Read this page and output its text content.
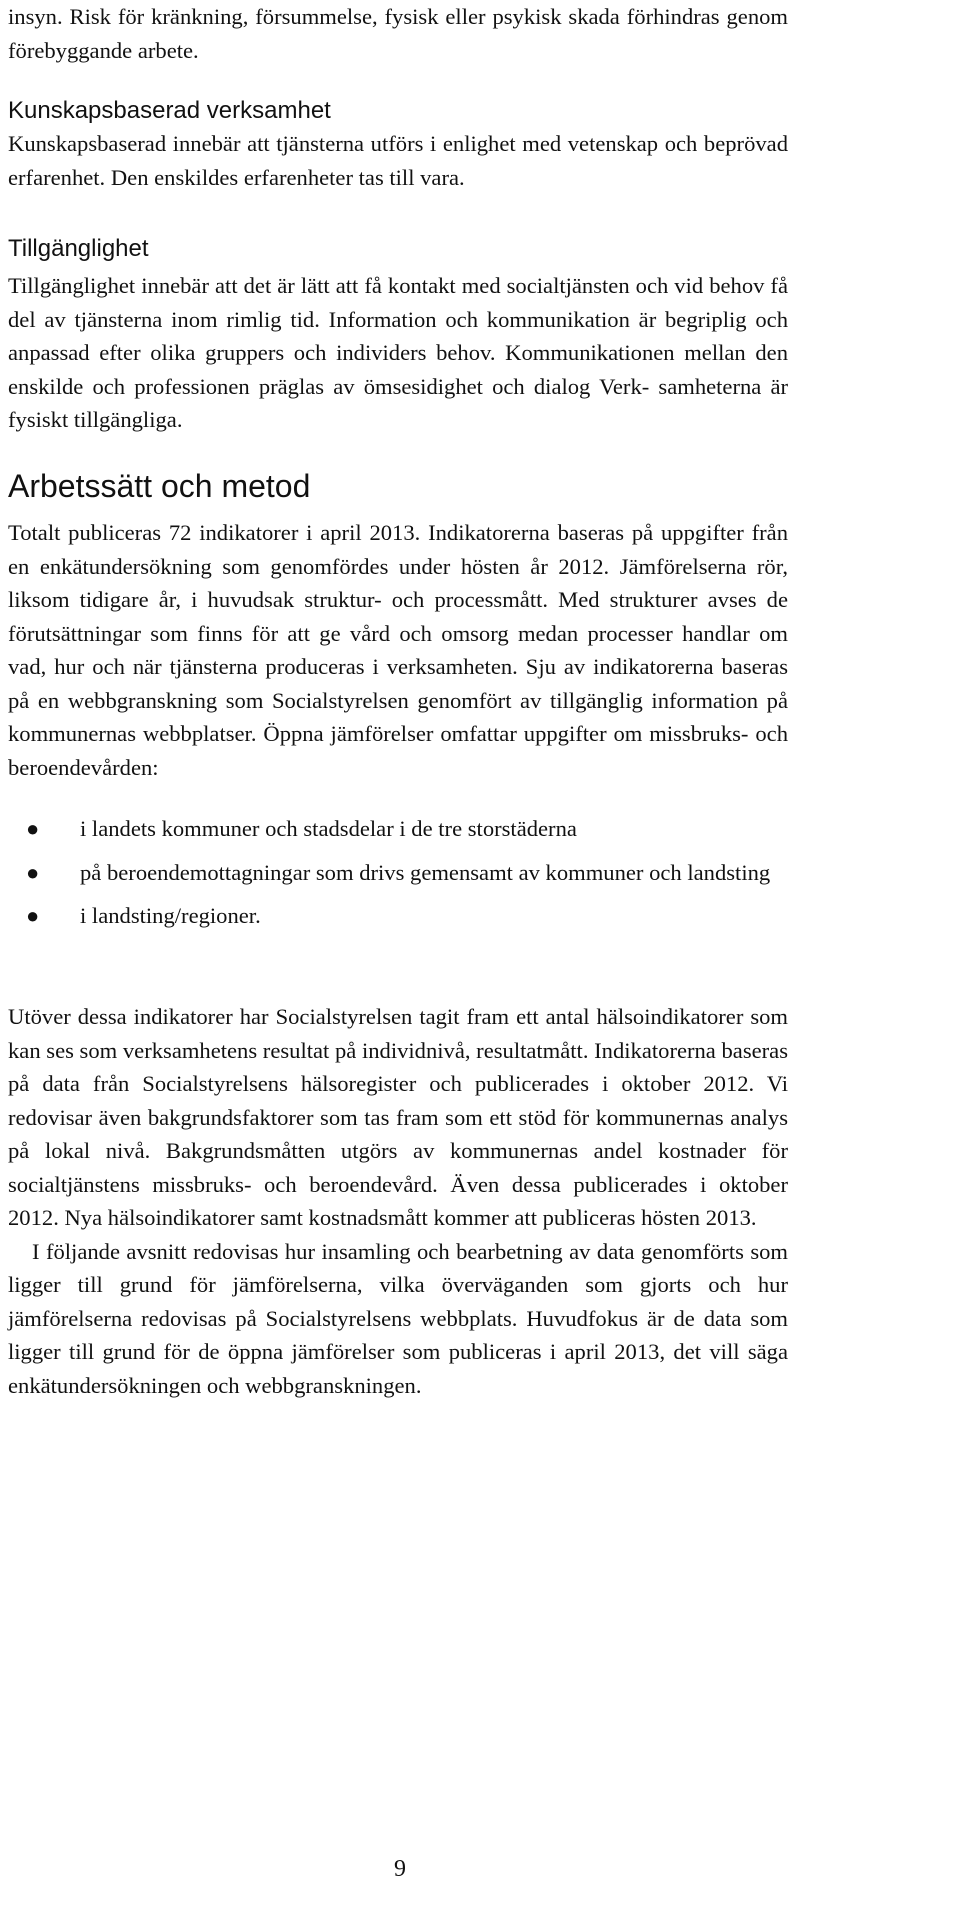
insyn. Risk för kränkning, försummelse, fysisk eller psykisk skada förhindras genom förebyggande arbete.

Kunskapsbaserad verksamhet

Kunskapsbaserad innebär att tjänsterna utförs i enlighet med vetenskap och beprövad erfarenhet. Den enskildes erfarenheter tas till vara.

Tillgänglighet

Tillgänglighet innebär att det är lätt att få kontakt med socialtjänsten och vid behov få del av tjänsterna inom rimlig tid. Information och kommunikation är begriplig och anpassad efter olika gruppers och individers behov. Kommunikationen mellan den enskilde och professionen präglas av ömsesidighet och dialog Verk- samheterna är fysiskt tillgängliga.

Arbetssätt och metod

Totalt publiceras 72 indikatorer i april 2013. Indikatorerna baseras på uppgifter från en enkätundersökning som genomfördes under hösten år 2012. Jämförelserna rör, liksom tidigare år, i huvudsak struktur- och processmått. Med strukturer avses de förutsättningar som finns för att ge vård och omsorg medan processer handlar om vad, hur och när tjänsterna produceras i verksamheten. Sju av indikatorerna baseras på en webbgranskning som Socialstyrelsen genomfört av tillgänglig information på kommunernas webbplatser. Öppna jämförelser omfattar uppgifter om missbruks- och beroendevården:

● i landets kommuner och stadsdelar i de tre storstäderna
● på beroendemottagningar som drivs gemensamt av kommuner och landsting
● i landsting/regioner.

Utöver dessa indikatorer har Socialstyrelsen tagit fram ett antal hälsoindikatorer som kan ses som verksamhetens resultat på individnivå, resultatmått. Indikatorerna baseras på data från Socialstyrelsens hälsoregister och publicerades i oktober 2012. Vi redovisar även bakgrundsfaktorer som tas fram som ett stöd för kommunernas analys på lokal nivå. Bakgrundsmåtten utgörs av kommunernas andel kostnader för socialtjänstens missbruks- och beroendevård. Även dessa publicerades i oktober 2012. Nya hälsoindikatorer samt kostnadsmått kommer att publiceras hösten 2013.

I följande avsnitt redovisas hur insamling och bearbetning av data genomförts som ligger till grund för jämförelserna, vilka överväganden som gjorts och hur jämförelserna redovisas på Socialstyrelsens webbplats. Huvudfokus är de data som ligger till grund för de öppna jämförelser som publiceras i april 2013, det vill säga enkätundersökningen och webbgranskningen.

9
